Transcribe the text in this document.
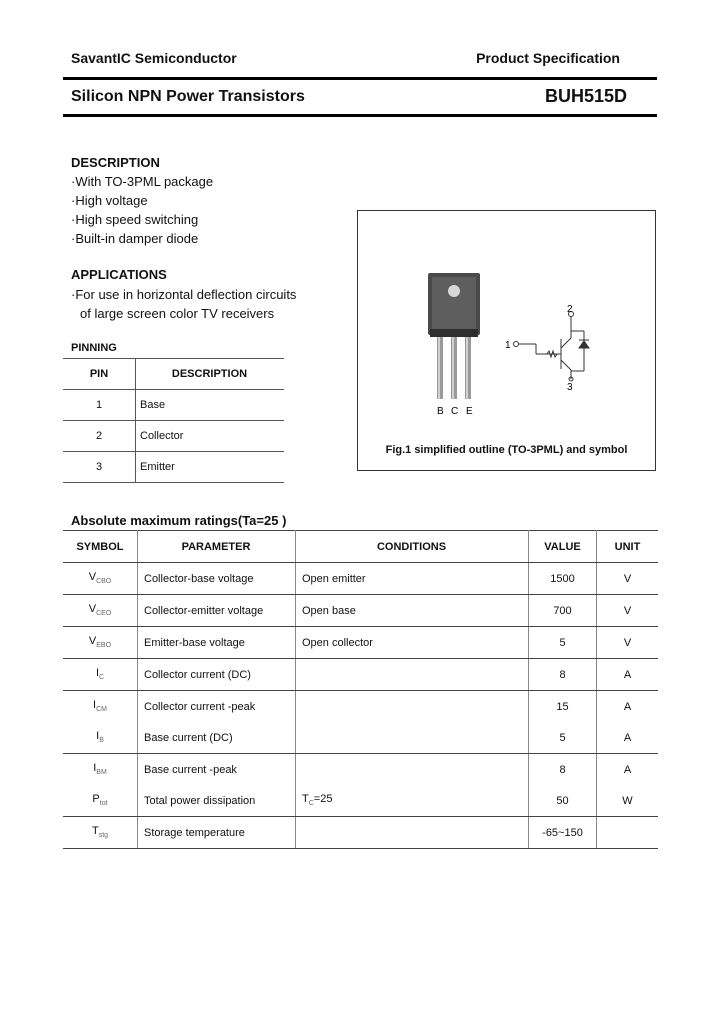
SavantIC Semiconductor	Product Specification
Silicon NPN Power Transistors	BUH515D
DESCRIPTION
·With TO-3PML package
·High voltage
·High speed switching
·Built-in damper diode
APPLICATIONS
·For use in horizontal deflection circuits
of large screen color TV receivers
PINNING
PIN	DESCRIPTION
1	Base
2	Collector
3	Emitter
B C E
1
2
3
Fig.1 simplified outline (TO-3PML) and symbol
Absolute maximum ratings(Ta=25 )
SYMBOL	PARAMETER	CONDITIONS	VALUE	UNIT
$V_{CBO}$	Collector-base voltage	Open emitter	1500	V
$V_{CEO}$	Collector-emitter voltage	Open base	700	V
$V_{EBO}$	Emitter-base voltage	Open collector	5	V
$I_C$	Collector current (DC)		8	A
$I_{CM}$	Collector current -peak		15	A
$I_B$	Base current (DC)		5	A
$I_{BM}$	Base current -peak		8	A
$P_{tot}$	Total power dissipation	$T_C=25$	50	W
$T_{stg}$	Storage temperature		-65~150	
